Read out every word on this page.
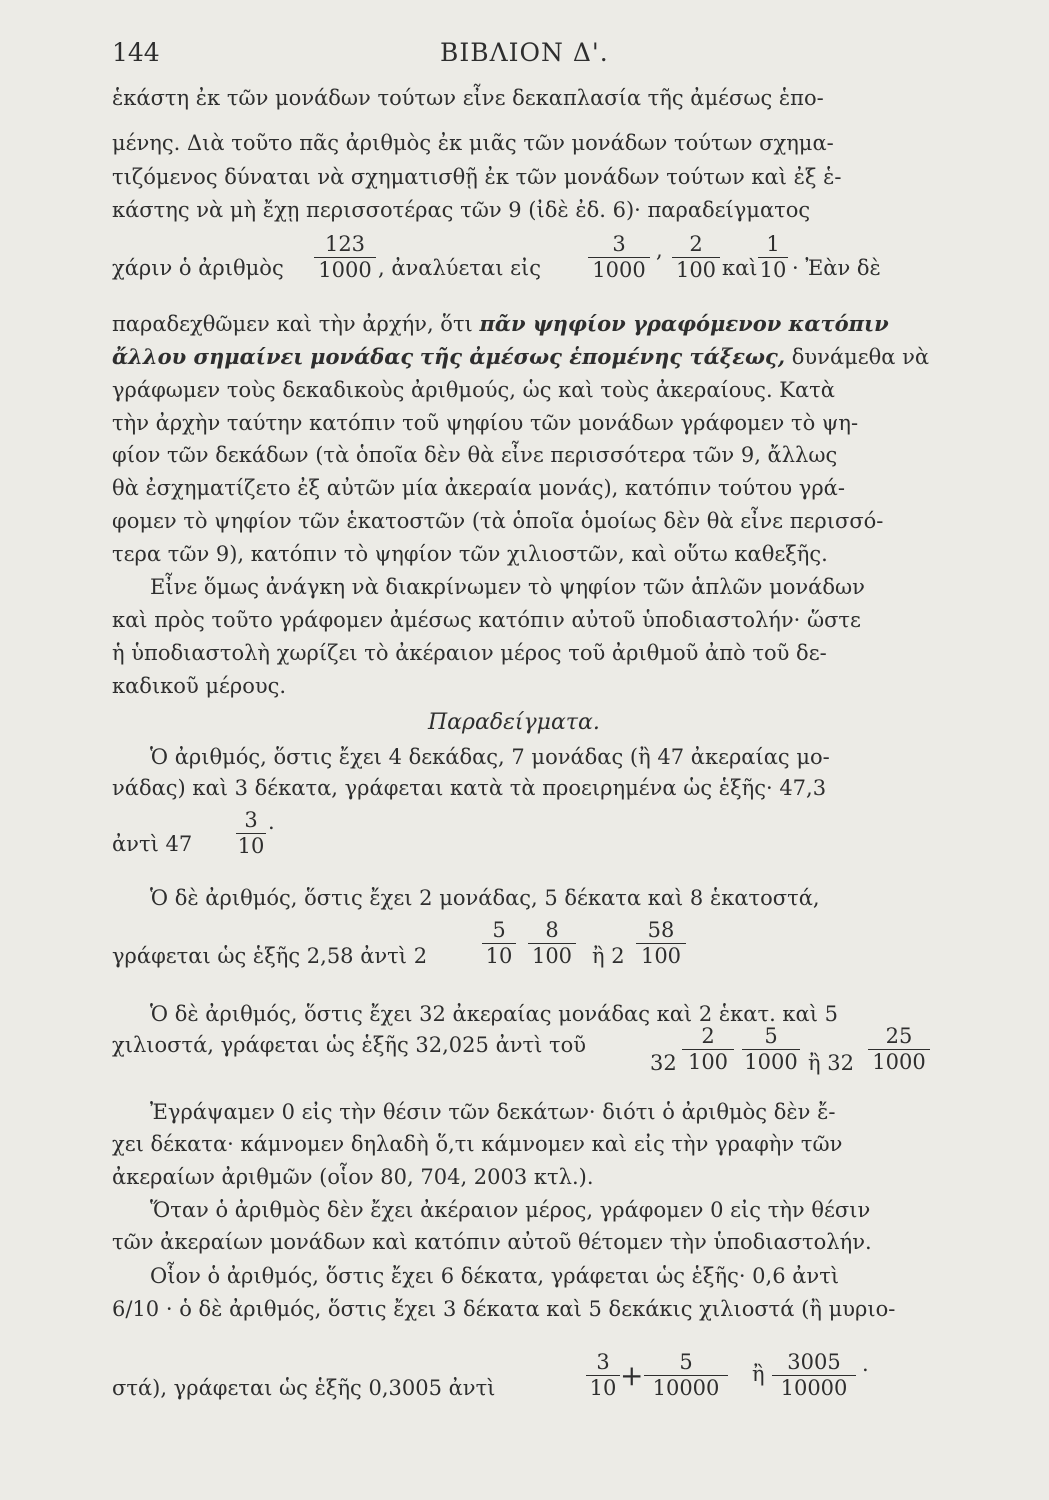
144	ΒΙΒΛΙΟΝ Δ'.
ἑκάστη ἐκ τῶν μονάδων τούτων εἶνε δεκαπλασία τῆς ἀμέσως ἑπο-
μένης. Διὰ τοῦτο πᾶς ἀριθμὸς ἐκ μιᾶς τῶν μονάδων τούτων σχημα-
τιζόμενος δύναται νὰ σχηματισθῇ ἐκ τῶν μονάδων τούτων καὶ ἐξ ἑ-
κάστης νὰ μὴ ἔχῃ περισσοτέρας τῶν 9 (ἰδὲ ἐδ. 6)· παραδείγματος
χάριν ὁ ἀριθμὸς $\frac{123}{1000}$ , ἀναλύεται εἰς $\frac{3}{1000}$ , $\frac{2}{100}$ καὶ $\frac{1}{10}$ · Ἐὰν δὲ
παραδεχθῶμεν καὶ τὴν ἀρχήν, ὅτι πᾶν ψηφίον γραφόμενον κατόπιν
ἄλλου σημαίνει μονάδας τῆς ἀμέσως ἑπομένης τάξεως, δυνάμεθα νὰ
γράφωμεν τοὺς δεκαδικοὺς ἀριθμούς, ὡς καὶ τοὺς ἀκεραίους. Κατὰ
τὴν ἀρχὴν ταύτην κατόπιν τοῦ ψηφίου τῶν μονάδων γράφομεν τὸ ψη-
φίον τῶν δεκάδων (τὰ ὁποῖα δὲν θὰ εἶνε περισσότερα τῶν 9, ἄλλως
θὰ ἐσχηματίζετο ἐξ αὐτῶν μία ἀκεραία μονάς), κατόπιν τούτου γρά-
φομεν τὸ ψηφίον τῶν ἑκατοστῶν (τὰ ὁποῖα ὁμοίως δὲν θὰ εἶνε περισσό-
τερα τῶν 9), κατόπιν τὸ ψηφίον τῶν χιλιοστῶν, καὶ οὕτω καθεξῆς.
Εἶνε ὅμως ἀνάγκη νὰ διακρίνωμεν τὸ ψηφίον τῶν ἁπλῶν μονάδων
καὶ πρὸς τοῦτο γράφομεν ἀμέσως κατόπιν αὐτοῦ ὑποδιαστολήν· ὥστε
ἡ ὑποδιαστολὴ χωρίζει τὸ ἀκέραιον μέρος τοῦ ἀριθμοῦ ἀπὸ τοῦ δε-
καδικοῦ μέρους.
Παραδείγματα.
Ὁ ἀριθμός, ὅστις ἔχει 4 δεκάδας, 7 μονάδας (ἢ 47 ἀκεραίας μο-
νάδας) καὶ 3 δέκατα, γράφεται κατὰ τὰ προειρημένα ὡς ἑξῆς· 47,3
ἀντὶ $47 \frac{3}{10}$ .
Ὁ δὲ ἀριθμός, ὅστις ἔχει 2 μονάδας, 5 δέκατα καὶ 8 ἑκατοστά,
γράφεται ὡς ἑξῆς 2,58 ἀντὶ 2	$\frac{5}{10} \frac{8}{100}$ ἢ $2 \frac{58}{100}$
Ὁ δὲ ἀριθμός, ὅστις ἔχει 32 ἀκεραίας μονάδας καὶ 2 ἑκατ. καὶ 5
χιλιοστά, γράφεται ὡς ἑξῆς 32,025 ἀντὶ τοῦ
$32 \frac{2}{100} \frac{5}{1000}$ ἢ $32 \frac{25}{1000}$
Ἐγράψαμεν 0 εἰς τὴν θέσιν τῶν δεκάτων· διότι ὁ ἀριθμὸς δὲν ἔ-
χει δέκατα· κάμνομεν δηλαδὴ ὅ,τι κάμνομεν καὶ εἰς τὴν γραφὴν τῶν
ἀκεραίων ἀριθμῶν (οἷον 80, 704, 2003 κτλ.).
Ὅταν ὁ ἀριθμὸς δὲν ἔχει ἀκέραιον μέρος, γράφομεν 0 εἰς τὴν θέσιν
τῶν ἀκεραίων μονάδων καὶ κατόπιν αὐτοῦ θέτομεν τὴν ὑποδιαστολήν.
Οἷον ὁ ἀριθμός, ὅστις ἔχει 6 δέκατα, γράφεται ὡς ἑξῆς· 0,6 ἀντὶ
6/10 · ὁ δὲ ἀριθμός, ὅστις ἔχει 3 δέκατα καὶ 5 δεκάκις χιλιοστά (ἢ μυριο-
στά), γράφεται ὡς ἑξῆς 0,3005 ἀντὶ	$\frac{3}{10} + \frac{5}{10000}$ ἢ $\frac{3005}{10000}$ .
